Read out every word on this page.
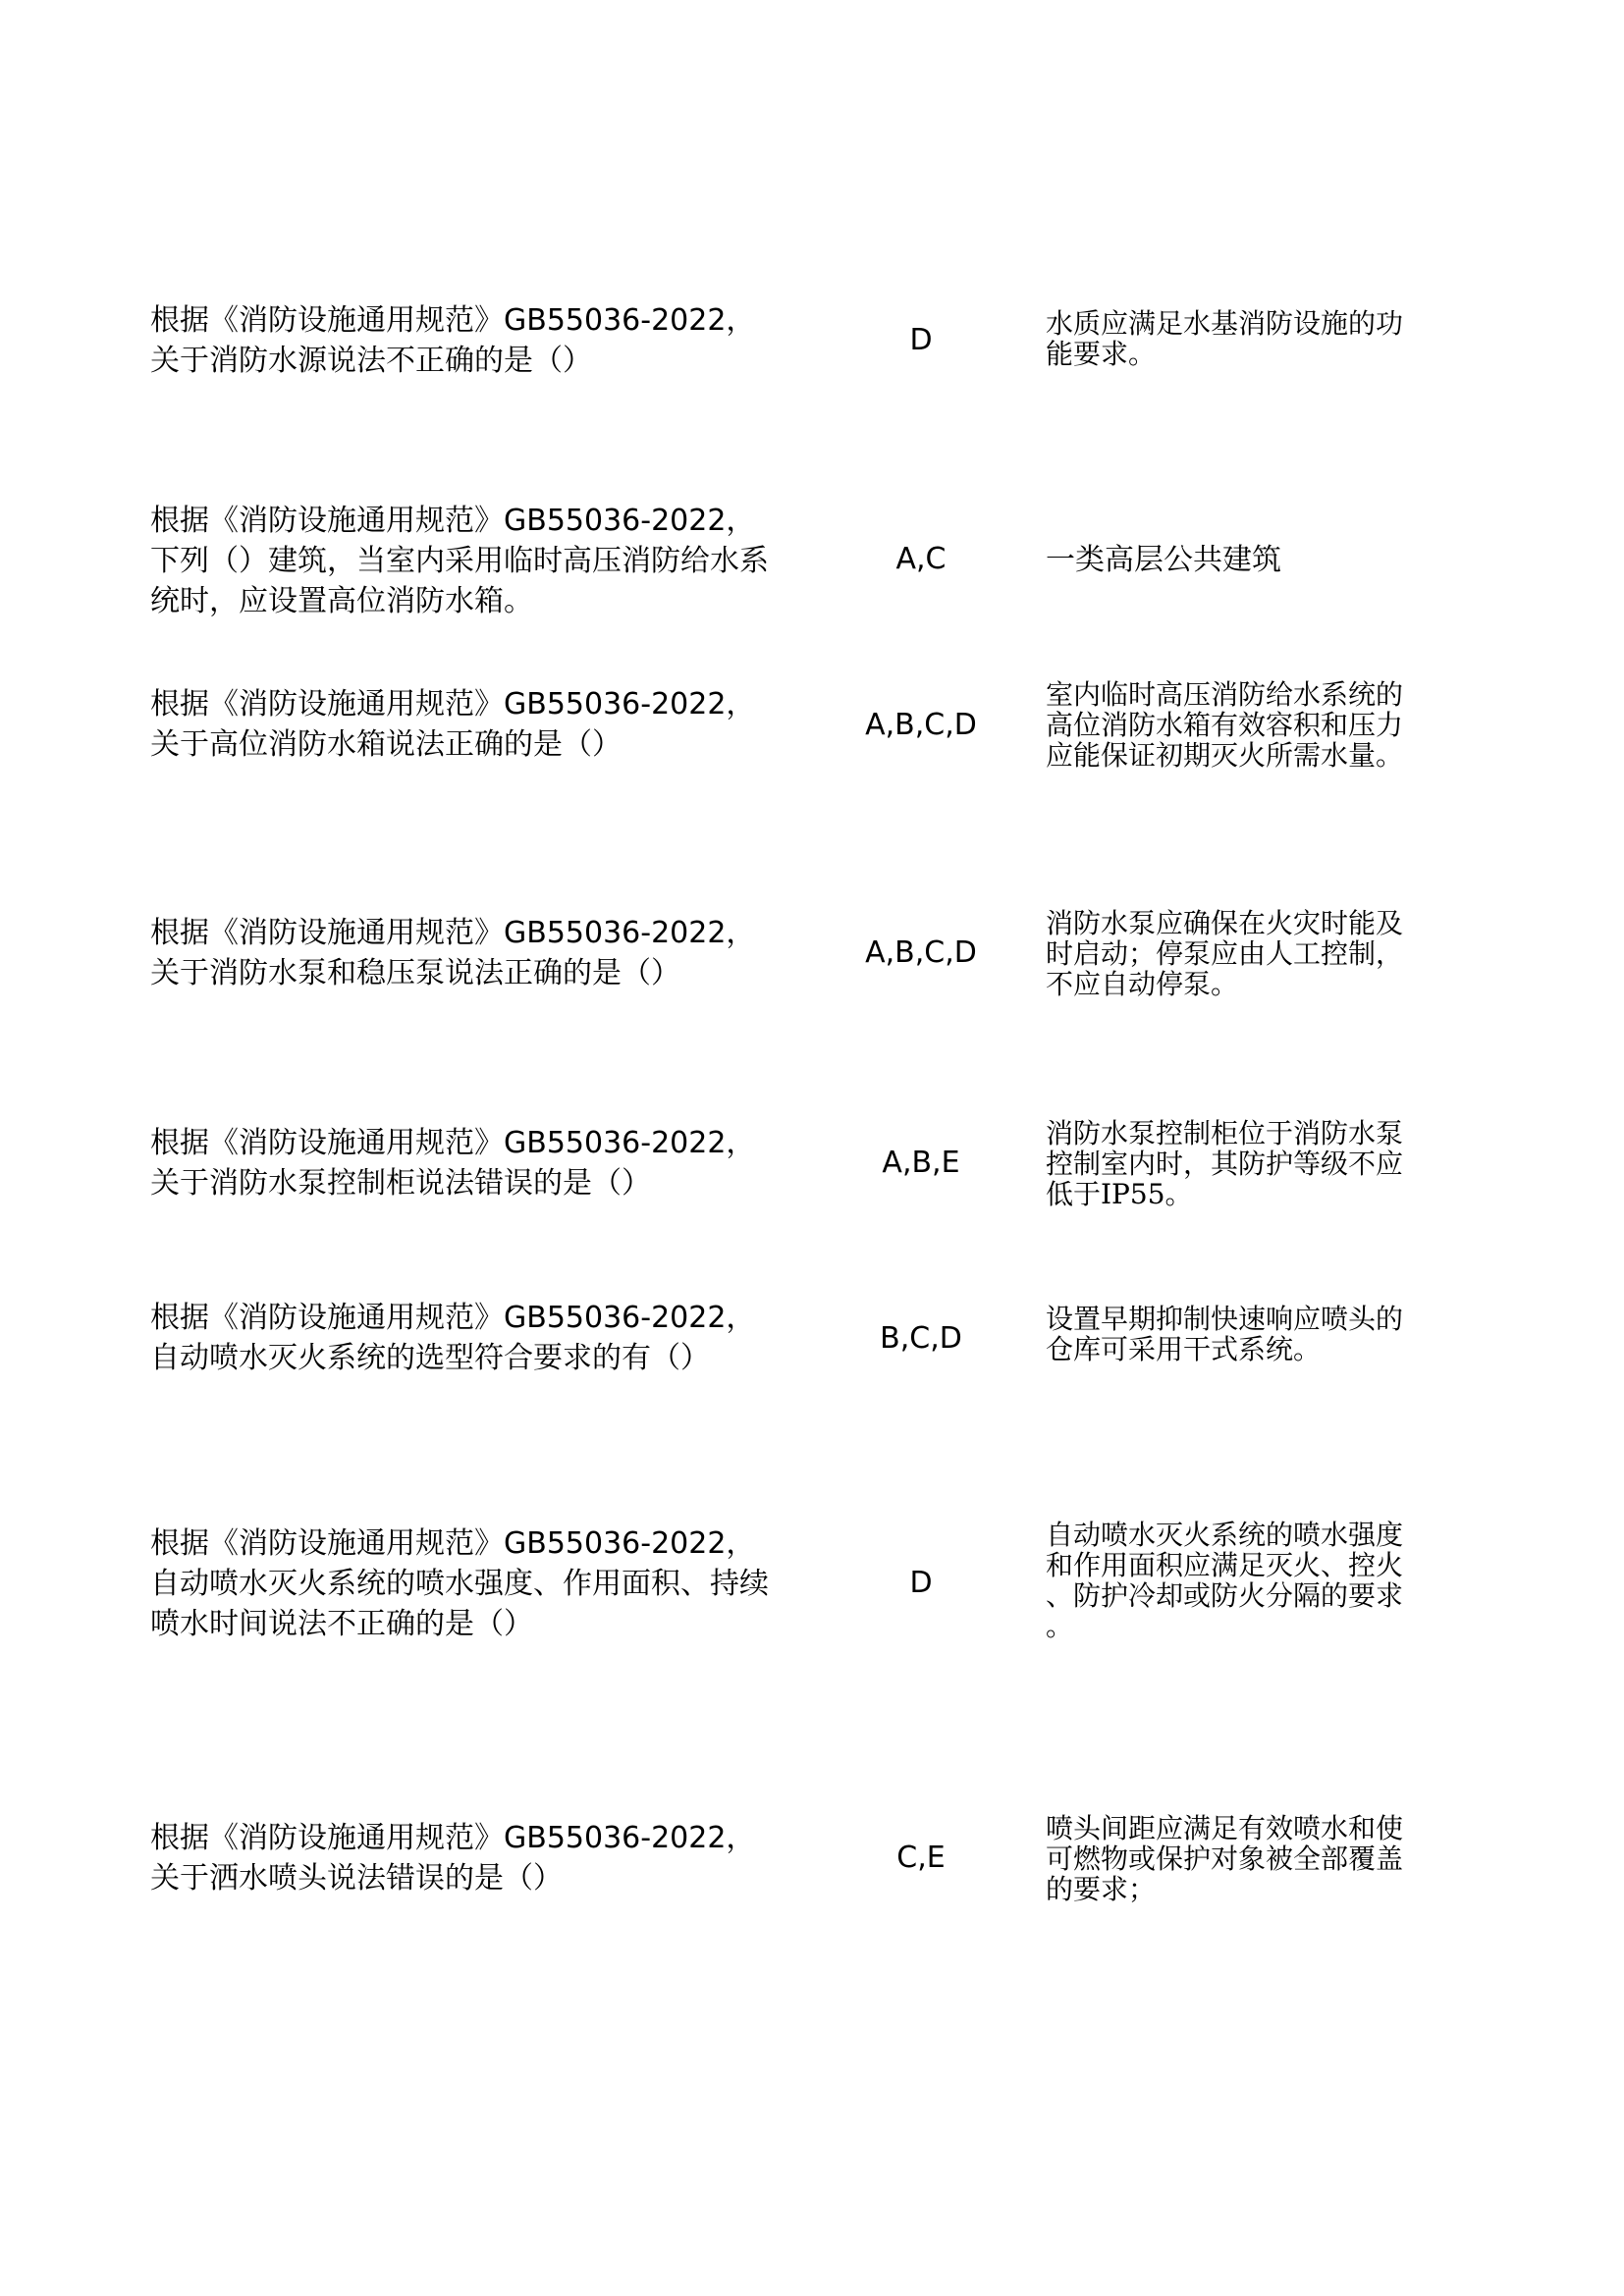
根据《消防设施通用规范》GB55036-2022，
关于消防水源说法不正确的是（）
D	水质应满足水基消防设施的功
能要求。
根据《消防设施通用规范》GB55036-2022，
下列（）建筑，当室内采用临时高压消防给水系
统时，应设置高位消防水箱。
A,C	一类高层公共建筑
根据《消防设施通用规范》GB55036-2022，
关于高位消防水箱说法正确的是（）
A,B,C,D
室内临时高压消防给水系统的
高位消防水箱有效容积和压力
应能保证初期灭火所需水量。
根据《消防设施通用规范》GB55036-2022，
关于消防水泵和稳压泵说法正确的是（）
A,B,C,D
消防水泵应确保在火灾时能及
时启动；停泵应由人工控制，
不应自动停泵。
根据《消防设施通用规范》GB55036-2022，
关于消防水泵控制柜说法错误的是（）
A,B,E
消防水泵控制柜位于消防水泵
控制室内时，其防护等级不应
低于IP55。
根据《消防设施通用规范》GB55036-2022，
自动喷水灭火系统的选型符合要求的有（）
B,C,D
设置早期抑制快速响应喷头的
仓库可采用干式系统。
根据《消防设施通用规范》GB55036-2022，
自动喷水灭火系统的喷水强度、作用面积、持续
喷水时间说法不正确的是（）
D
自动喷水灭火系统的喷水强度
和作用面积应满足灭火、控火
、防护冷却或防火分隔的要求
。
根据《消防设施通用规范》GB55036-2022，
关于洒水喷头说法错误的是（）
C,E
喷头间距应满足有效喷水和使
可燃物或保护对象被全部覆盖
的要求；
